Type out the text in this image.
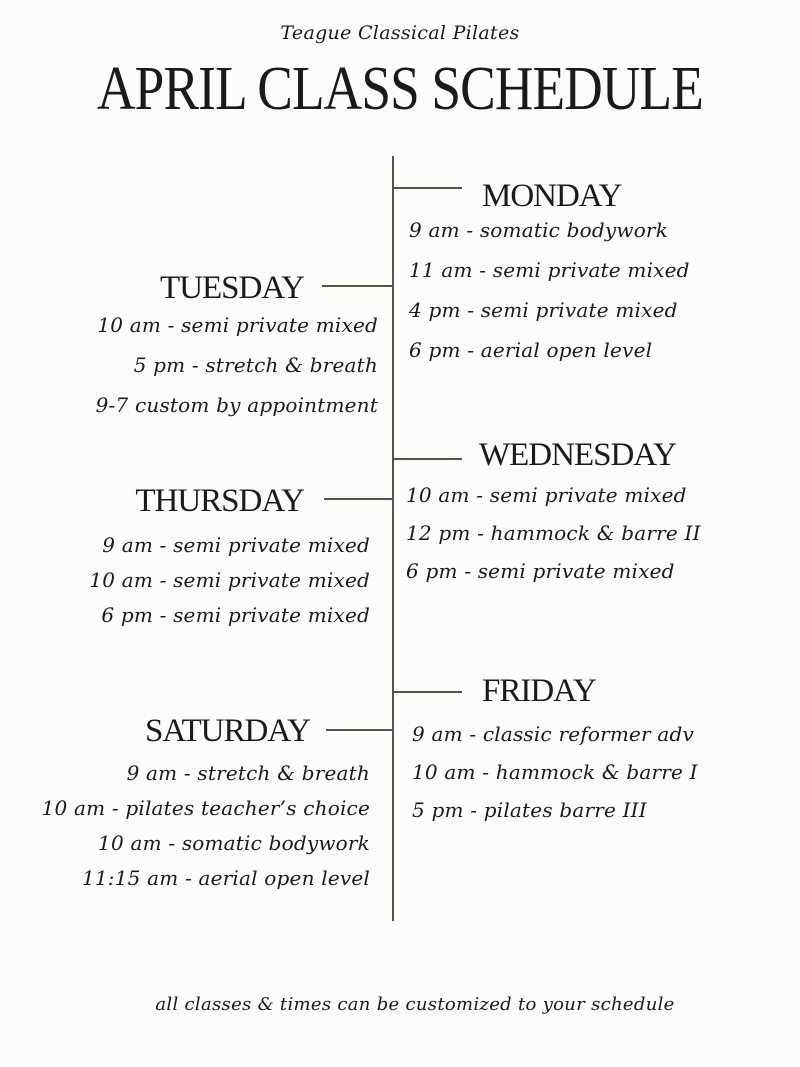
Teague Classical Pilates
APRIL CLASS SCHEDULE
MONDAY
9 am - somatic bodywork
11 am - semi private mixed
4 pm - semi private mixed
6 pm - aerial open level
TUESDAY
10 am - semi private mixed
5 pm - stretch & breath
9-7 custom by appointment
WEDNESDAY
10 am - semi private mixed
12 pm - hammock & barre II
6 pm - semi private mixed
THURSDAY
9 am - semi private mixed
10 am - semi private mixed
6 pm - semi private mixed
FRIDAY
9 am - classic reformer adv
10 am - hammock & barre I
5 pm - pilates barre III
SATURDAY
9 am - stretch & breath
10 am - pilates teacher’s choice
10 am - somatic bodywork
11:15 am - aerial open level
all classes & times can be customized to your schedule
